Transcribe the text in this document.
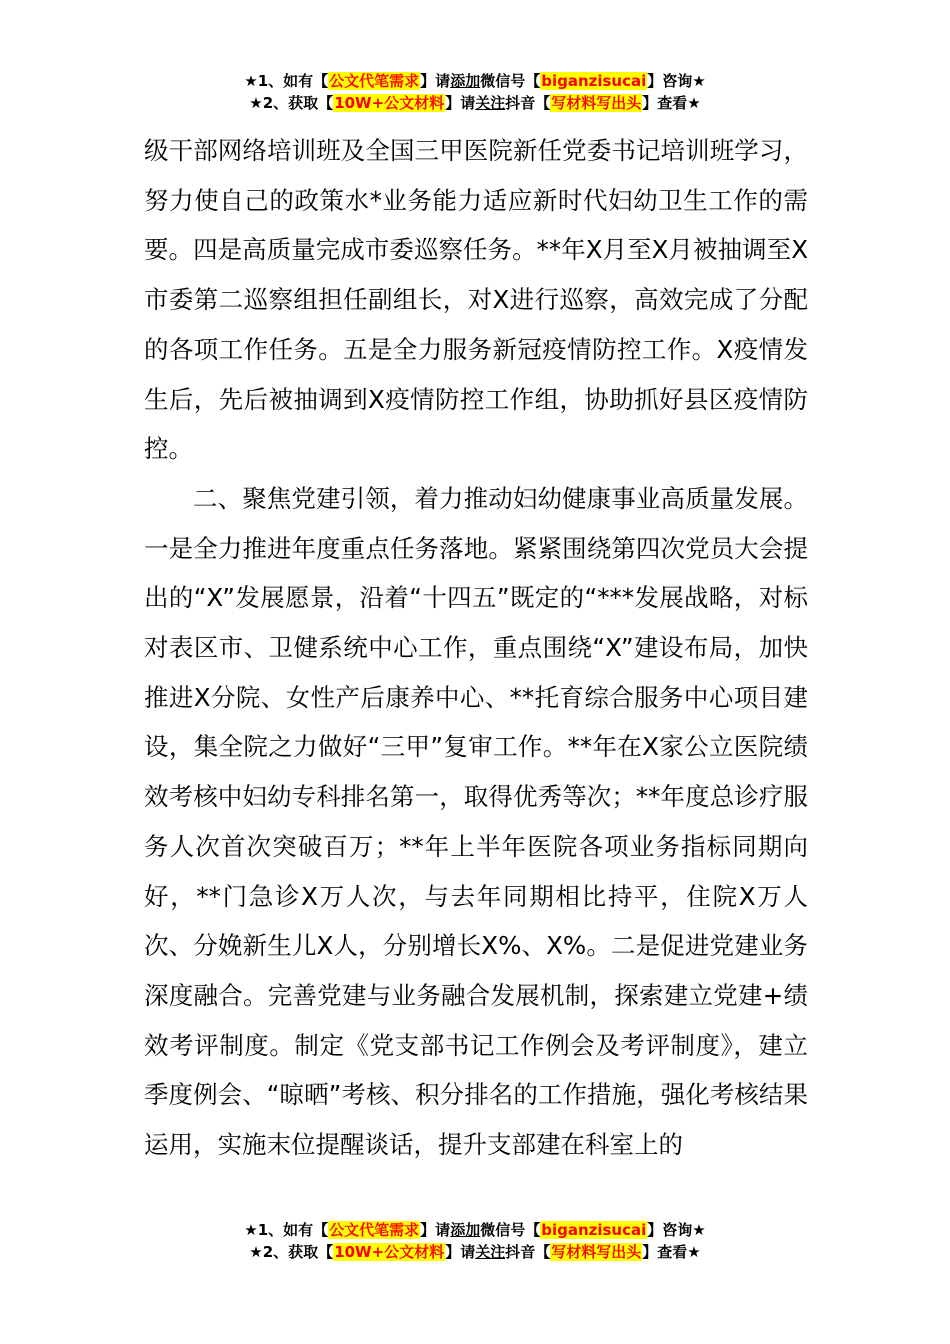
★1、如有【公文代笔需求】请添加微信号【biganzisucai】咨询★
★2、获取【10W+公文材料】请关注抖音【写材料写出头】查看★

级干部网络培训班及全国三甲医院新任党委书记培训班学习，努力使自己的政策水*业务能力适应新时代妇幼卫生工作的需要。四是高质量完成市委巡察任务。**年X月至X月被抽调至X市委第二巡察组担任副组长，对X进行巡察，高效完成了分配的各项工作任务。五是全力服务新冠疫情防控工作。X疫情发生后，先后被抽调到X疫情防控工作组，协助抓好县区疫情防控。

二、聚焦党建引领，着力推动妇幼健康事业高质量发展。一是全力推进年度重点任务落地。紧紧围绕第四次党员大会提出的“X”发展愿景，沿着“十四五”既定的“***发展战略，对标对表区市、卫健系统中心工作，重点围绕“X”建设布局，加快推进X分院、女性产后康养中心、**托育综合服务中心项目建设，集全院之力做好“三甲”复审工作。**年在X家公立医院绩效考核中妇幼专科排名第一，取得优秀等次；**年度总诊疗服务人次首次突破百万；**年上半年医院各项业务指标同期向好，**门急诊X万人次，与去年同期相比持平，住院X万人次、分娩新生儿X人，分别增长X%、X%。二是促进党建业务深度融合。完善党建与业务融合发展机制，探索建立党建+绩效考评制度。制定《党支部书记工作例会及考评制度》，建立季度例会、“晾晒”考核、积分排名的工作措施，强化考核结果运用，实施末位提醒谈话，提升支部建在科室上的

★1、如有【公文代笔需求】请添加微信号【biganzisucai】咨询★
★2、获取【10W+公文材料】请关注抖音【写材料写出头】查看★
